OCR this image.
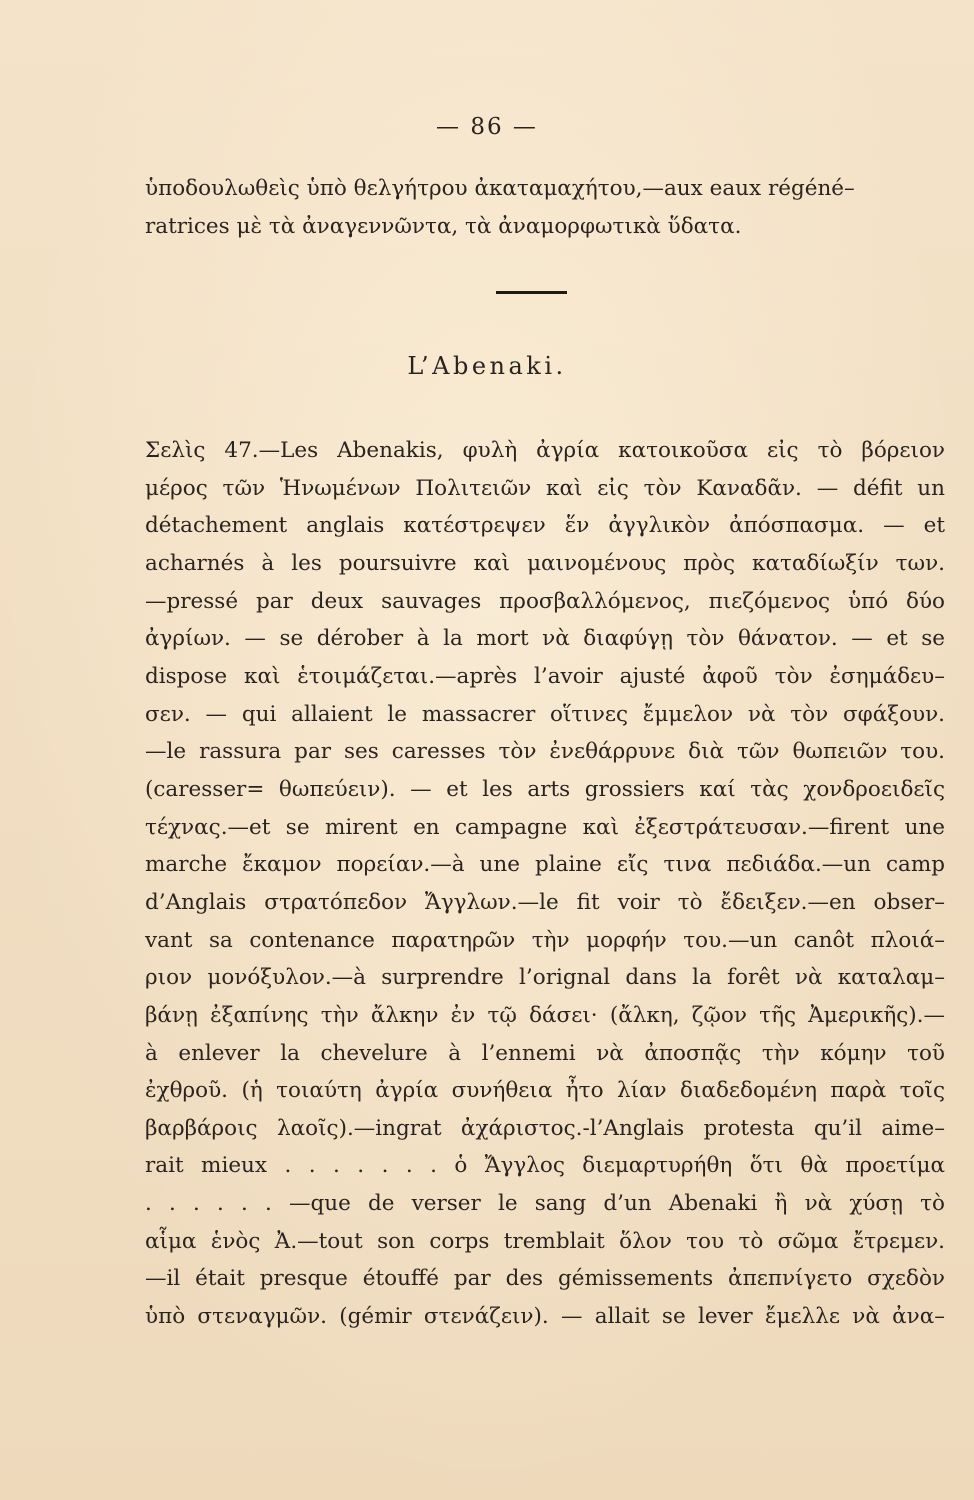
— 86 —
ὑποδουλωθεὶς ὑπὸ θελγήτρου ἀκαταμαχήτου,—aux eaux régéné–
ratrices μὲ τὰ ἀναγεννῶντα, τὰ ἀναμορφωτικὰ ὕδατα.
L’Abenaki.
Σελὶς 47.—Les Abenakis, φυλὴ ἀγρία κατοικοῦσα εἰς τὸ βόρειον
μέρος τῶν Ἡνωμένων Πολιτειῶν καὶ εἰς τὸν Καναδᾶν. — défit un
détachement anglais κατέστρεψεν ἕν ἀγγλικὸν ἀπόσπασμα. — et
acharnés à les poursuivre καὶ μαινομένους πρὸς καταδίωξίν των.
—pressé par deux sauvages προσβαλλόμενος, πιεζόμενος ὑπό δύο
ἀγρίων. — se dérober à la mort νὰ διαφύγῃ τὸν θάνατον. — et se
dispose καὶ ἑτοιμάζεται.—après l’avoir ajusté ἀφοῦ τὸν ἐσημάδευ–
σεν. — qui allaient le massacrer οἵτινες ἔμμελον νὰ τὸν σφάξουν.
—le rassura par ses caresses τὸν ἐνεθάρρυνε διὰ τῶν θωπειῶν του.
(caresser= θωπεύειν). — et les arts grossiers καί τὰς χονδροειδεῖς
τέχνας.—et se mirent en campagne καὶ ἐξεστράτευσαν.—firent une
marche ἔκαμον πορείαν.—à une plaine εἴς τινα πεδιάδα.—un camp
d’Anglais στρατόπεδον Ἄγγλων.—le fit voir τὸ ἔδειξεν.—en obser–
vant sa contenance παρατηρῶν τὴν μορφήν του.—un canôt πλοιά–
ριον μονόξυλον.—à surprendre l’orignal dans la forêt νὰ καταλαμ–
βάνῃ ἐξαπίνης τὴν ἄλκην ἐν τῷ δάσει· (ἄλκη, ζῷον τῆς Ἀμερικῆς).—
à enlever la chevelure à l’ennemi νὰ ἀποσπᾷς τὴν κόμην τοῦ
ἐχθροῦ. (ἡ τοιαύτη ἀγρία συνήθεια ἦτο λίαν διαδεδομένη παρὰ τοῖς
βαρβάροις λαοῖς).—ingrat ἀχάριστος.-l’Anglais protesta qu’il aime–
rait mieux . . . . . . . ὁ Ἄγγλος διεμαρτυρήθη ὅτι θὰ προετίμα
. . . . . . —que de verser le sang d’un Abenaki ἢ νὰ χύσῃ τὸ
αἷμα ἑνὸς Ἀ.—tout son corps tremblait ὅλον του τὸ σῶμα ἔτρεμεν.
—il était presque étouffé par des gémissements ἀπεπνίγετο σχεδὸν
ὑπὸ στεναγμῶν. (gémir στενάζειν). — allait se lever ἔμελλε νὰ ἀνα–
